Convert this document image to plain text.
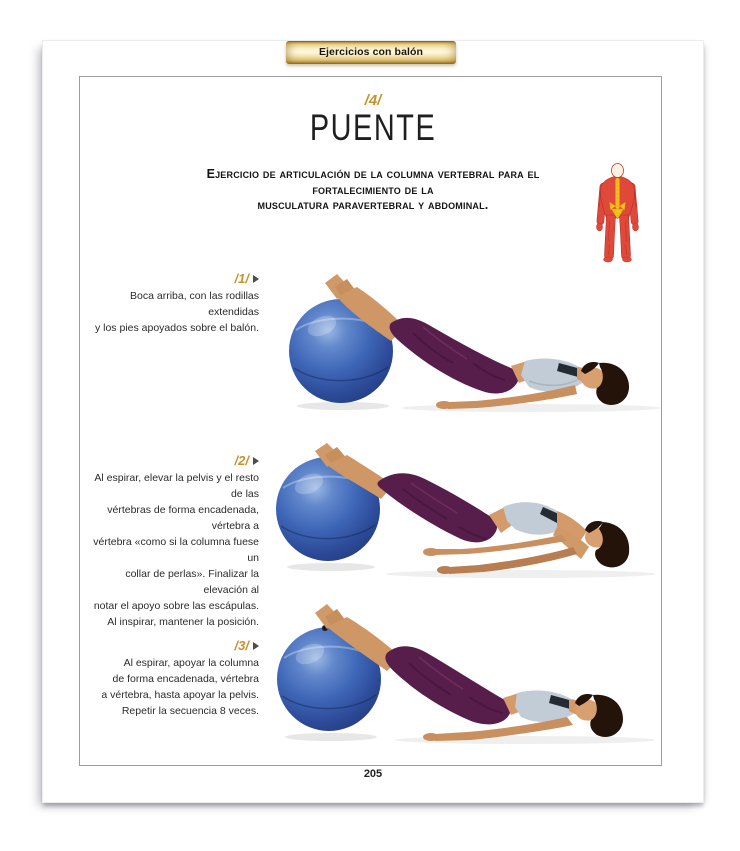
Ejercicios con balón
/4/
PUENTE
Ejercicio de articulación de la columna vertebral para el fortalecimiento de la
musculatura paravertebral y abdominal.
/1/
Boca arriba, con las rodillas extendidas
y los pies apoyados sobre el balón.
/2/
Al espirar, elevar la pelvis y el resto de las
vértebras de forma encadenada, vértebra a
vértebra «como si la columna fuese un
collar de perlas». Finalizar la elevación al
notar el apoyo sobre las escápulas.
Al inspirar, mantener la posición.
/3/
Al espirar, apoyar la columna
de forma encadenada, vértebra
a vértebra, hasta apoyar la pelvis.
Repetir la secuencia 8 veces.
205
